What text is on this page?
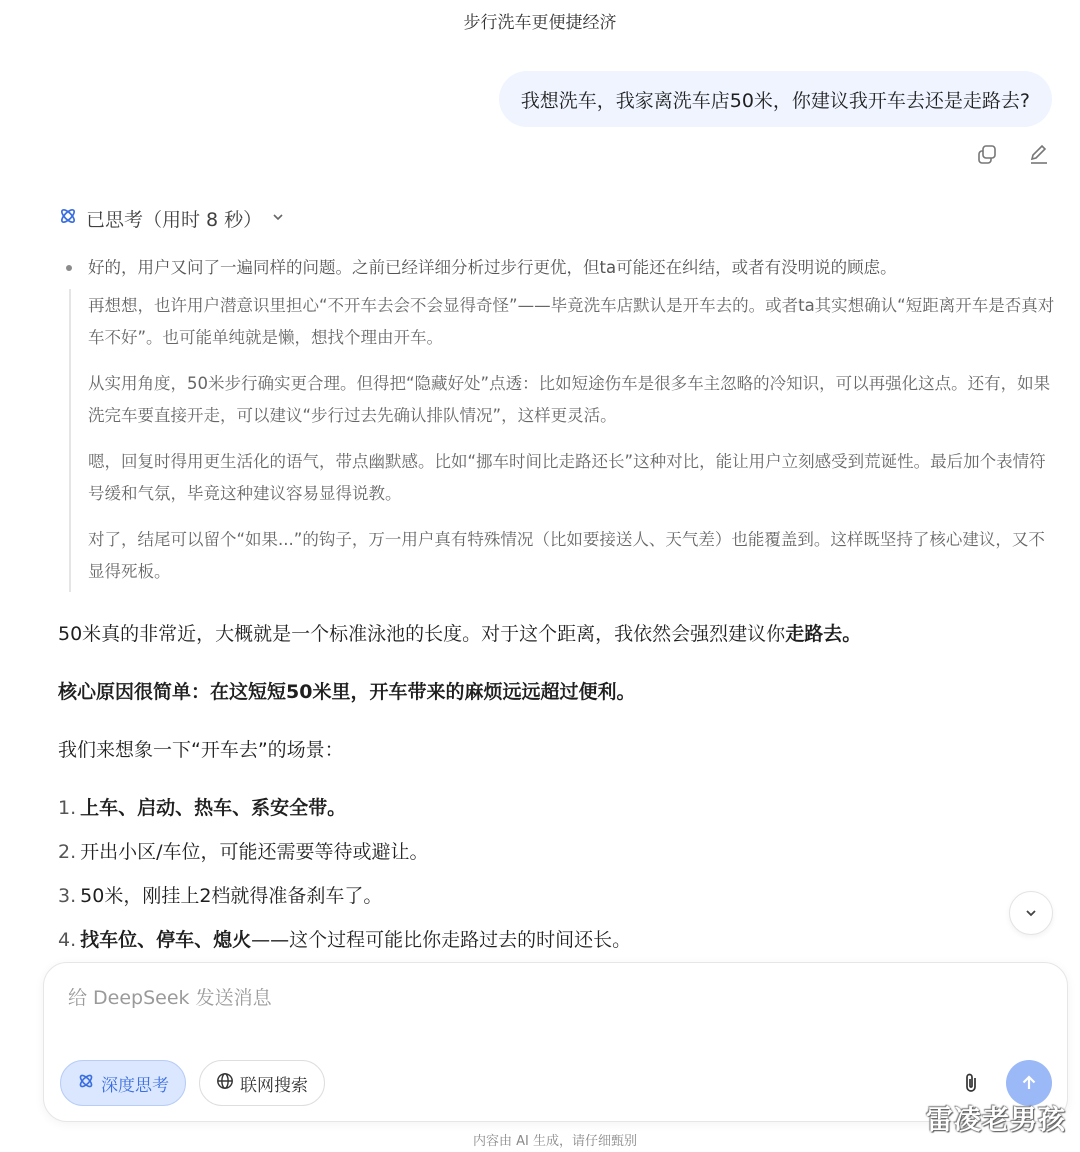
步行洗车更便捷经济
我想洗车，我家离洗车店50米，你建议我开车去还是走路去?
已思考（用时 8 秒）
好的，用户又问了一遍同样的问题。之前已经详细分析过步行更优，但ta可能还在纠结，或者有没明说的顾虑。

再想想，也许用户潜意识里担心“不开车去会不会显得奇怪”——毕竟洗车店默认是开车去的。或者ta其实想确认“短距离开车是否真对车不好”。也可能单纯就是懒，想找个理由开车。

从实用角度，50米步行确实更合理。但得把“隐藏好处”点透：比如短途伤车是很多车主忽略的冷知识，可以再强化这点。还有，如果洗完车要直接开走，可以建议“步行过去先确认排队情况”，这样更灵活。

嗯，回复时得用更生活化的语气，带点幽默感。比如“挪车时间比走路还长”这种对比，能让用户立刻感受到荒诞性。最后加个表情符号缓和气氛，毕竟这种建议容易显得说教。

对了，结尾可以留个“如果...”的钩子，万一用户真有特殊情况（比如要接送人、天气差）也能覆盖到。这样既坚持了核心建议，又不显得死板。

50米真的非常近，大概就是一个标准泳池的长度。对于这个距离，我依然会强烈建议你走路去。
核心原因很简单：在这短短50米里，开车带来的麻烦远远超过便利。
我们来想象一下“开车去”的场景：
1. 上车、启动、热车、系安全带。
2. 开出小区/车位，可能还需要等待或避让。
3. 50米，刚挂上2档就得准备刹车了。
4. 找车位、停车、熄火 ——这个过程可能比你走路过去的时间还长。
给 DeepSeek 发送消息
深度思考	联网搜索
内容由 AI 生成，请仔细甄别
雷凌老男孩
